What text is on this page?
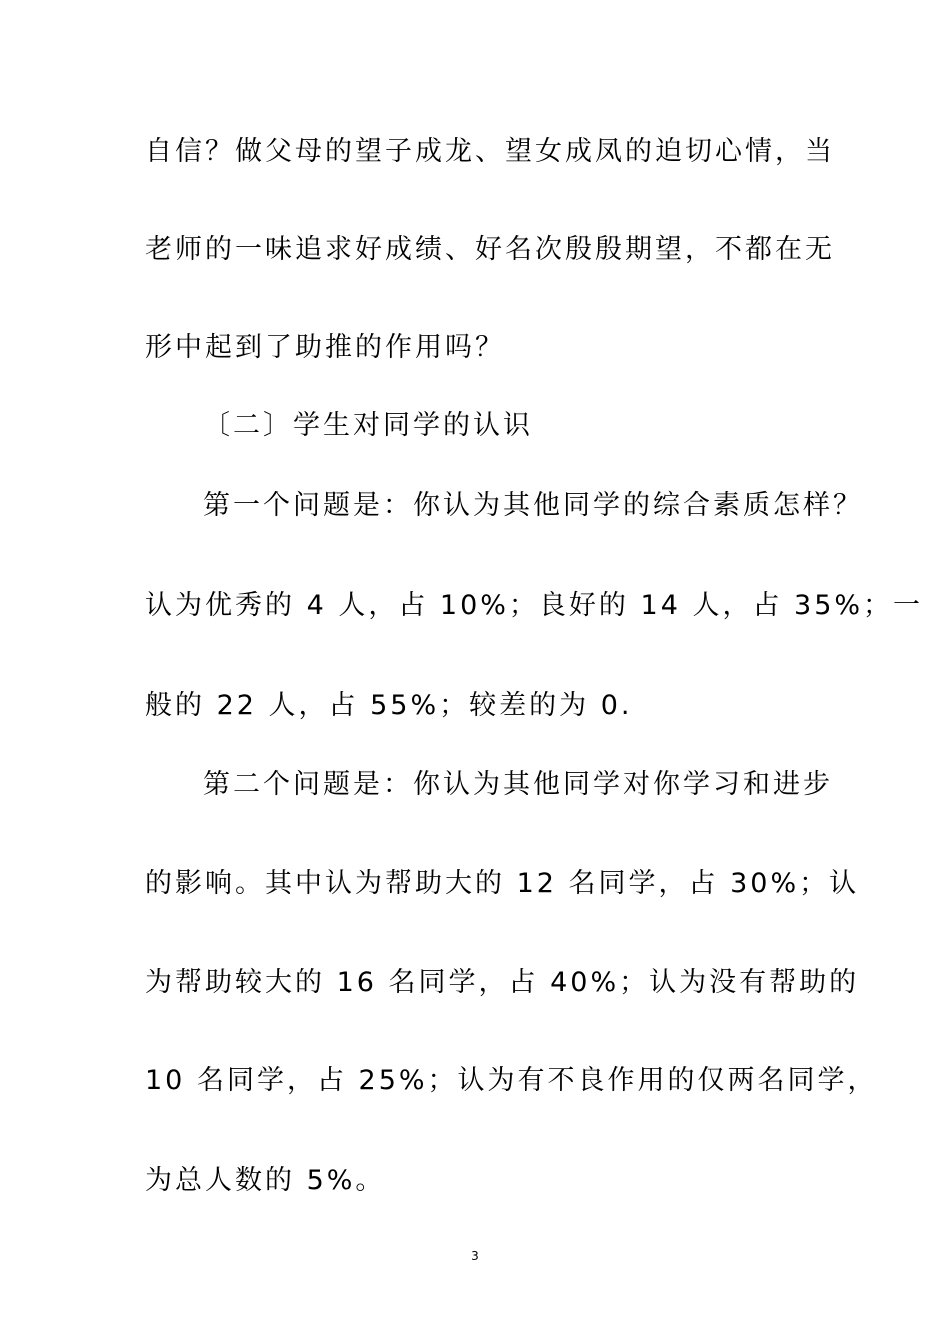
自信？做父母的望子成龙、望女成凤的迫切心情，当
老师的一味追求好成绩、好名次殷殷期望，不都在无
形中起到了助推的作用吗？
〔二〕学生对同学的认识
第一个问题是：你认为其他同学的综合素质怎样？
认为优秀的 4 人，占 10%；良好的 14 人，占 35%；一
般的 22 人，占 55%；较差的为 0.
第二个问题是：你认为其他同学对你学习和进步
的影响。其中认为帮助大的 12 名同学，占 30%；认
为帮助较大的 16 名同学，占 40%；认为没有帮助的
10 名同学，占 25%；认为有不良作用的仅两名同学，
为总人数的 5%。
3
